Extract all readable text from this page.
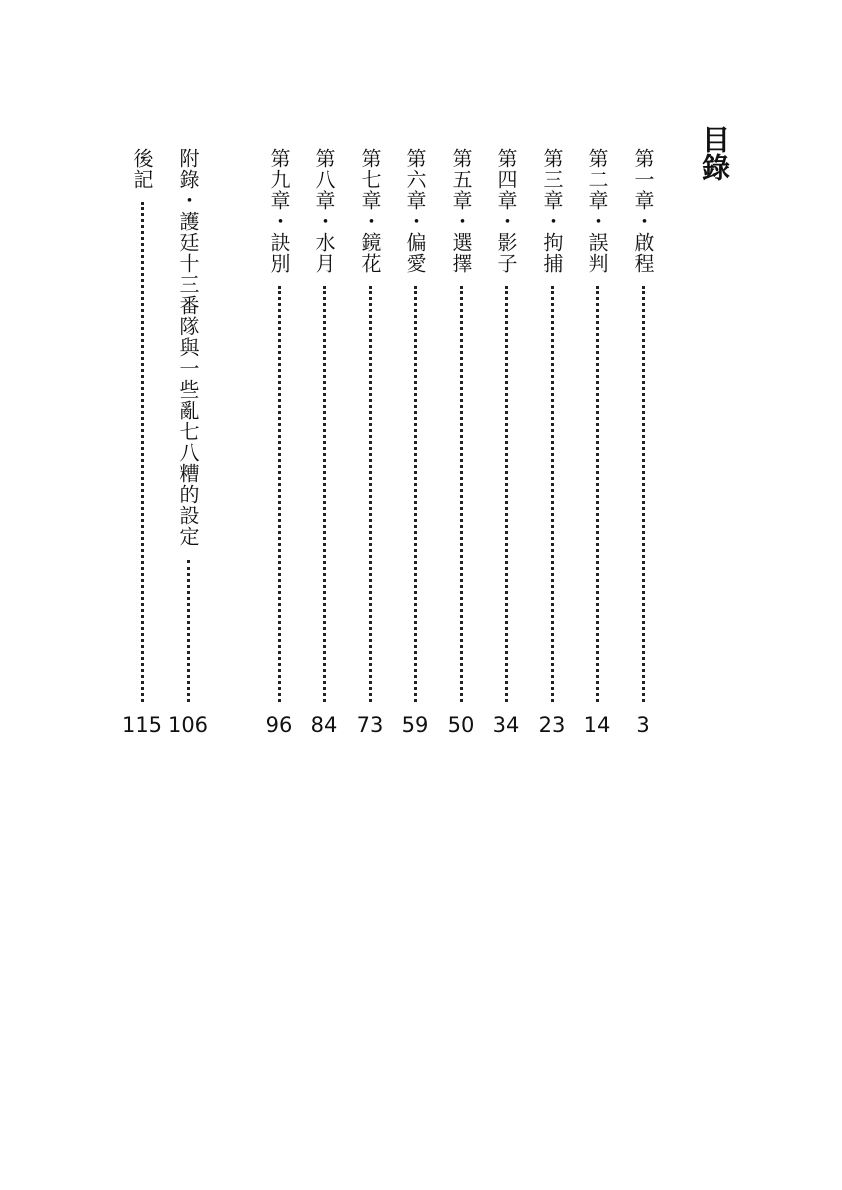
目錄
第一章・啟程
3
第二章・誤判
14
第三章・拘捕
23
第四章・影子
34
第五章・選擇
50
第六章・偏愛
59
第七章・鏡花
73
第八章・水月
84
第九章・訣別
96
附錄・護廷十三番隊與一些亂七八糟的設定
106
後記
115
